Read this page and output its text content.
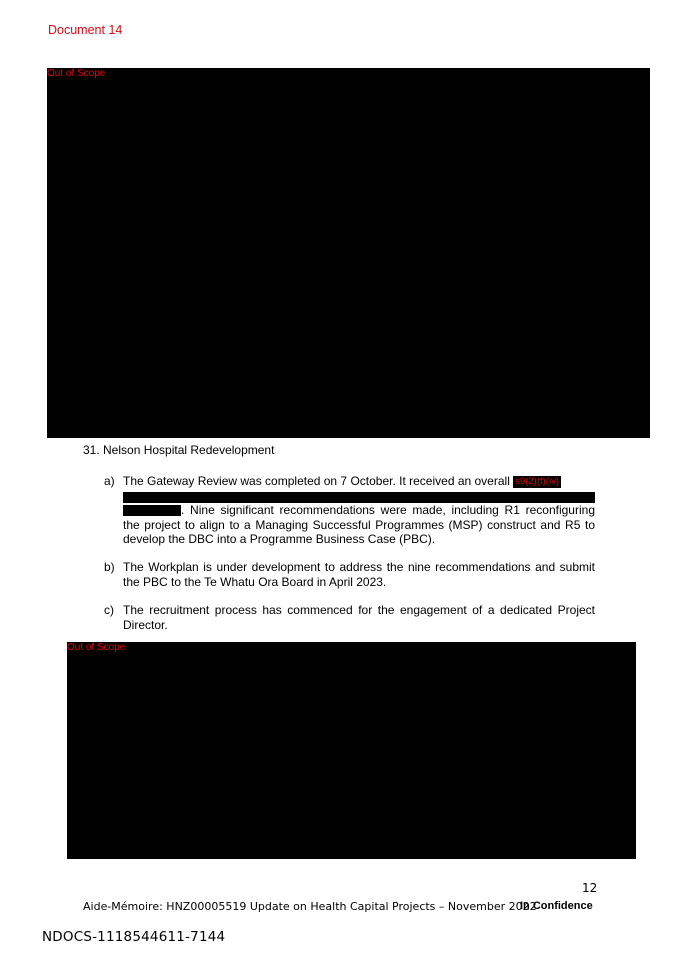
Document 14
Out of Scope
31. Nelson Hospital Redevelopment
a) The Gateway Review was completed on 7 October. It received an overall s9(2)(f)(iv)
. Nine significant recommendations were made, including R1 reconfiguring
the project to align to a Managing Successful Programmes (MSP) construct and R5 to
develop the DBC into a Programme Business Case (PBC).
b) The Workplan is under development to address the nine recommendations and submit
the PBC to the Te Whatu Ora Board in April 2023.
c) The recruitment process has commenced for the engagement of a dedicated Project
Director.
Out of Scope
12
Aide-Mémoire: HNZ00005519 Update on Health Capital Projects – November 2022
In Confidence
NDOCS-1118544611-7144
